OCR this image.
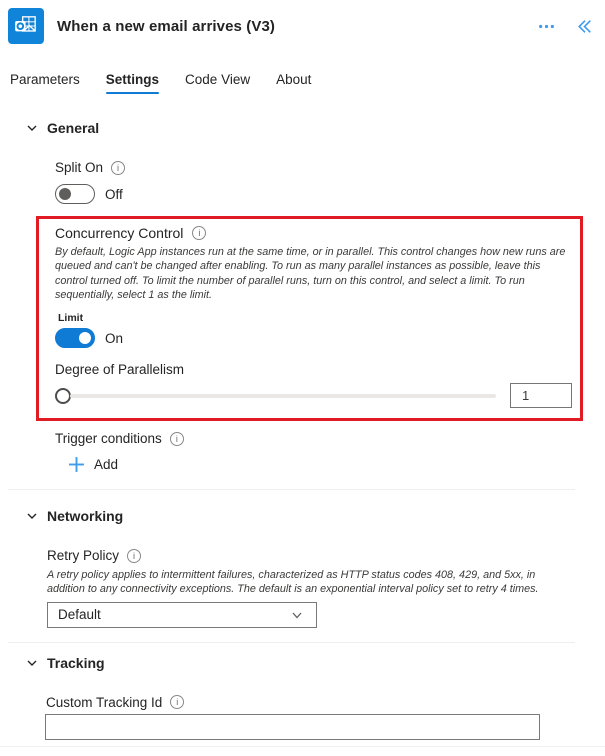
When a new email arrives (V3)
Parameters Settings Code View About
General
Split On
i
Off
Concurrency Control
i
By default, Logic App instances run at the same time, or in parallel. This control changes how new runs are queued and can't be changed after enabling. To run as many parallel instances as possible, leave this control turned off. To limit the number of parallel runs, turn on this control, and select a limit. To run sequentially, select 1 as the limit.
Limit
On
Degree of Parallelism
1
Trigger conditions
i
Add
Networking
Retry Policy
i
A retry policy applies to intermittent failures, characterized as HTTP status codes 408, 429, and 5xx, in addition to any connectivity exceptions. The default is an exponential interval policy set to retry 4 times.
Default
Tracking
Custom Tracking Id
i
